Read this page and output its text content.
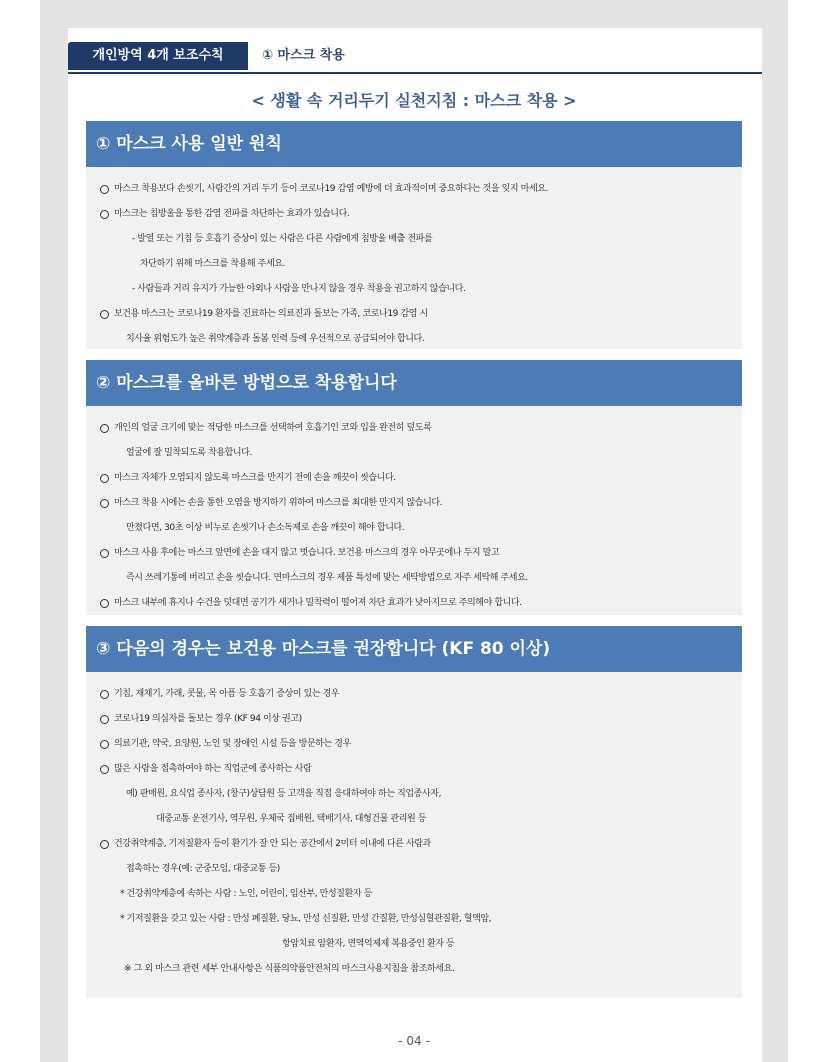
개인방역 4개 보조수칙	① 마스크 착용
< 생활 속 거리두기 실천지침 : 마스크 착용 >
① 마스크 사용 일반 원칙
마스크 착용보다 손씻기, 사람간의 거리 두기 등이 코로나19 감염 예방에 더 효과적이며 중요하다는 것을 잊지 마세요.
마스크는 침방울을 통한 감염 전파를 차단하는 효과가 있습니다.
- 발열 또는 기침 등 호흡기 증상이 있는 사람은 다른 사람에게 침방울 배출 전파를
차단하기 위해 마스크를 착용해 주세요.
- 사람들과 거리 유지가 가능한 야외나 사람을 만나지 않을 경우 착용을 권고하지 않습니다.
보건용 마스크는 코로나19 환자를 진료하는 의료진과 돌보는 가족, 코로나19 감염 시
치사율 위험도가 높은 취약계층과 돌봄 인력 등에 우선적으로 공급되어야 합니다.
② 마스크를 올바른 방법으로 착용합니다
개인의 얼굴 크기에 맞는 적당한 마스크를 선택하여 호흡기인 코와 입을 완전히 덮도록
얼굴에 잘 밀착되도록 착용합니다.
마스크 자체가 오염되지 않도록 마스크를 만지기 전에 손을 깨끗이 씻습니다.
마스크 착용 시에는 손을 통한 오염을 방지하기 위하여 마스크를 최대한 만지지 않습니다.
만졌다면, 30초 이상 비누로 손씻기나 손소독제로 손을 깨끗이 해야 합니다.
마스크 사용 후에는 마스크 앞면에 손을 대지 않고 벗습니다. 보건용 마스크의 경우 아무곳에나 두지 말고
즉시 쓰레기통에 버리고 손을 씻습니다. 면마스크의 경우 제품 특성에 맞는 세탁방법으로 자주 세탁해 주세요.
마스크 내부에 휴지나 수건을 덧대면 공기가 새거나 밀착력이 떨어져 차단 효과가 낮아지므로 주의해야 합니다.
③ 다음의 경우는 보건용 마스크를 권장합니다 (KF 80 이상)
기침, 재채기, 가래, 콧물, 목 아픔 등 호흡기 증상이 있는 경우
코로나19 의심자를 돌보는 경우 (KF 94 이상 권고)
의료기관, 약국, 요양원, 노인 및 장애인 시설 등을 방문하는 경우
많은 사람을 접촉하여야 하는 직업군에 종사하는 사람
예) 판매원, 요식업 종사자, (창구)상담원 등 고객을 직접 응대하여야 하는 직업종사자,
대중교통 운전기사, 역무원, 우체국 집배원, 택배기사, 대형건물 관리원 등
건강취약계층, 기저질환자 등이 환기가 잘 안 되는 공간에서 2미터 이내에 다른 사람과
접촉하는 경우(예: 군중모임, 대중교통 등)
* 건강취약계층에 속하는 사람 : 노인, 어린이, 임산부, 만성질환자 등
* 기저질환을 갖고 있는 사람 : 만성 폐질환, 당뇨, 만성 신질환, 만성 간질환, 만성심혈관질환, 혈액암,
항암치료 암환자, 면역억제제 복용중인 환자 등
※ 그 외 마스크 관련 세부 안내사항은 식품의약품안전처의 마스크사용지침을 참조하세요.
- 04 -
